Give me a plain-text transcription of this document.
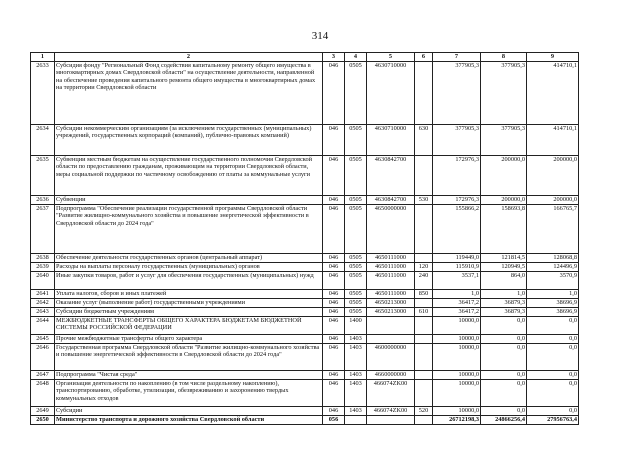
314
1	2	3	4	5	6	7	8	9
2633	Субсидия фонду "Региональный Фонд содействия капитальному ремонту общего имущества в многоквартирных домах Свердловской области" на осуществление деятельности, направленной на обеспечение проведения капитального ремонта общего имущества в многоквартирных домах на территории Свердловской области	046	0505	4630710000		377905,3	377905,3	414710,1
2634	Субсидии некоммерческим организациям (за исключением государственных (муниципальных) учреждений, государственных корпораций (компаний), публично-правовых компаний)	046	0505	4630710000	630	377905,3	377905,3	414710,1
2635	Субвенции местным бюджетам на осуществление государственного полномочия Свердловской области по предоставлению гражданам, проживающим на территории Свердловской области, меры социальной поддержки по частичному освобождению от платы за коммунальные услуги	046	0505	4630842700		172976,3	200000,0	200000,0
2636	Субвенции	046	0505	4630842700	530	172976,3	200000,0	200000,0
2637	Подпрограмма "Обеспечение реализации государственной программы Свердловской области "Развитие жилищно-коммунального хозяйства и повышение энергетической эффективности в Свердловской области до 2024 года"	046	0505	4650000000		155866,2	158693,8	166765,7
2638	Обеспечение деятельности государственных органов (центральный аппарат)	046	0505	4650111000		119449,0	121814,5	128068,8
2639	Расходы на выплаты персоналу государственных (муниципальных) органов	046	0505	4650111000	120	115910,9	120949,5	124496,9
2640	Иные закупки товаров, работ и услуг для обеспечения государственных (муниципальных) нужд	046	0505	4650111000	240	3537,1	864,0	3570,9
2641	Уплата налогов, сборов и иных платежей	046	0505	4650111000	850	1,0	1,0	1,0
2642	Оказание услуг (выполнение работ) государственными учреждениями	046	0505	4650213000		36417,2	36879,3	38696,9
2643	Субсидии бюджетным учреждениям	046	0505	4650213000	610	36417,2	36879,3	38696,9
2644	МЕЖБЮДЖЕТНЫЕ ТРАНСФЕРТЫ ОБЩЕГО ХАРАКТЕРА БЮДЖЕТАМ БЮДЖЕТНОЙ СИСТЕМЫ РОССИЙСКОЙ ФЕДЕРАЦИИ	046	1400			10000,0	0,0	0,0
2645	Прочие межбюджетные трансферты общего характера	046	1403			10000,0	0,0	0,0
2646	Государственная программа Свердловской области "Развитие жилищно-коммунального хозяйства и повышение энергетической эффективности в Свердловской области до 2024 года"	046	1403	4600000000		10000,0	0,0	0,0
2647	Подпрограмма "Чистая среда"	046	1403	4660000000		10000,0	0,0	0,0
2648	Организация деятельности по накоплению (в том числе раздельному накоплению), транспортированию, обработке, утилизации, обезвреживанию и захоронению твердых коммунальных отходов	046	1403	466074ZK00		10000,0	0,0	0,0
2649	Субсидии	046	1403	466074ZK00	520	10000,0	0,0	0,0
2650	Министерство транспорта и дорожного хозяйства Свердловской области	056				26712198,3	24866256,4	27956763,4
